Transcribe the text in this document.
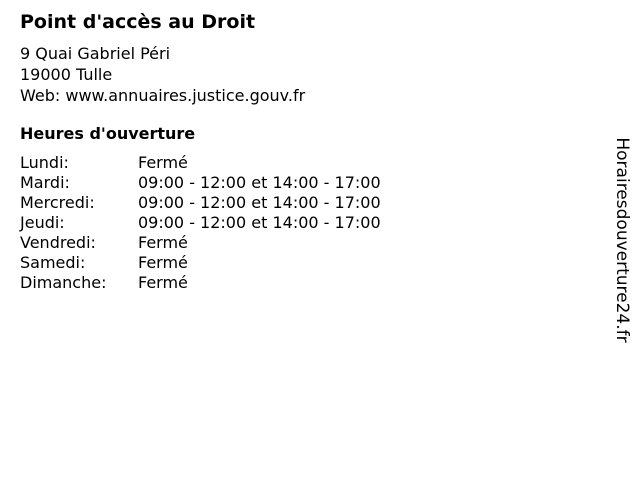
Point d'accès au Droit
9 Quai Gabriel Péri
19000 Tulle
Web: www.annuaires.justice.gouv.fr
Heures d'ouverture
Lundi:	Fermé
Mardi:	09:00 - 12:00 et 14:00 - 17:00
Mercredi:	09:00 - 12:00 et 14:00 - 17:00
Jeudi:	09:00 - 12:00 et 14:00 - 17:00
Vendredi:	Fermé
Samedi:	Fermé
Dimanche:	Fermé	Horairesdouverture24.fr
